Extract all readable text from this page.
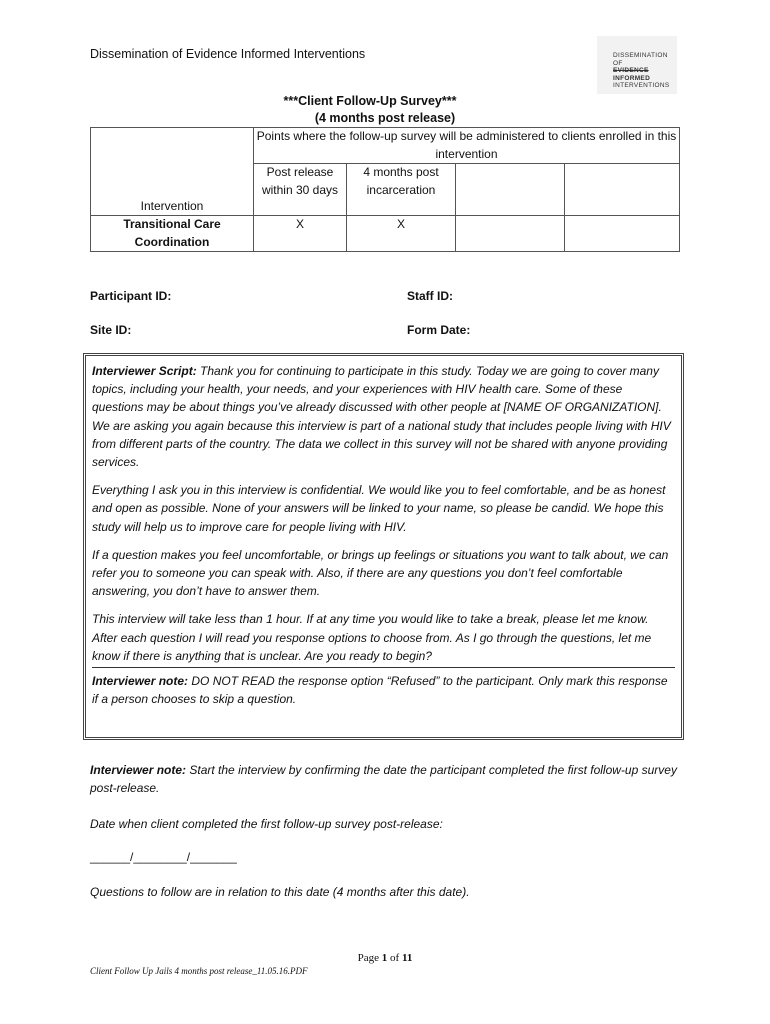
Dissemination of Evidence Informed Interventions	DISSEMINATION OF
EVIDENCE
INFORMED
INTERVENTIONS
***Client Follow-Up Survey***
(4 months post release)
Intervention	Points where the follow-up survey will be administered to clients enrolled in this intervention			
	Post release within 30 days	4 months post incarceration		
Transitional Care Coordination	X	X		
Participant ID:	Staff ID:
Site ID:	Form Date:

Interviewer Script: Thank you for continuing to participate in this study. Today we are going to cover many topics, including your health, your needs, and your experiences with HIV health care. Some of these questions may be about things you’ve already discussed with other people at [NAME OF ORGANIZATION]. We are asking you again because this interview is part of a national study that includes people living with HIV from different parts of the country. The data we collect in this survey will not be shared with anyone providing services.

Everything I ask you in this interview is confidential. We would like you to feel comfortable, and be as honest and open as possible. None of your answers will be linked to your name, so please be candid. We hope this study will help us to improve care for people living with HIV.

If a question makes you feel uncomfortable, or brings up feelings or situations you want to talk about, we can refer you to someone you can speak with. Also, if there are any questions you don’t feel comfortable answering, you don’t have to answer them.

This interview will take less than 1 hour. If at any time you would like to take a break, please let me know. After each question I will read you response options to choose from. As I go through the questions, let me know if there is anything that is unclear. Are you ready to begin?

Interviewer note: DO NOT READ the response option “Refused” to the participant. Only mark this response if a person chooses to skip a question.

Interviewer note: Start the interview by confirming the date the participant completed the first follow-up survey post-release.
Date when client completed the first follow-up survey post-release:
______/________/_______
Questions to follow are in relation to this date (4 months after this date).
Page 1 of 11
Client Follow Up Jails 4 months post release_11.05.16.PDF
